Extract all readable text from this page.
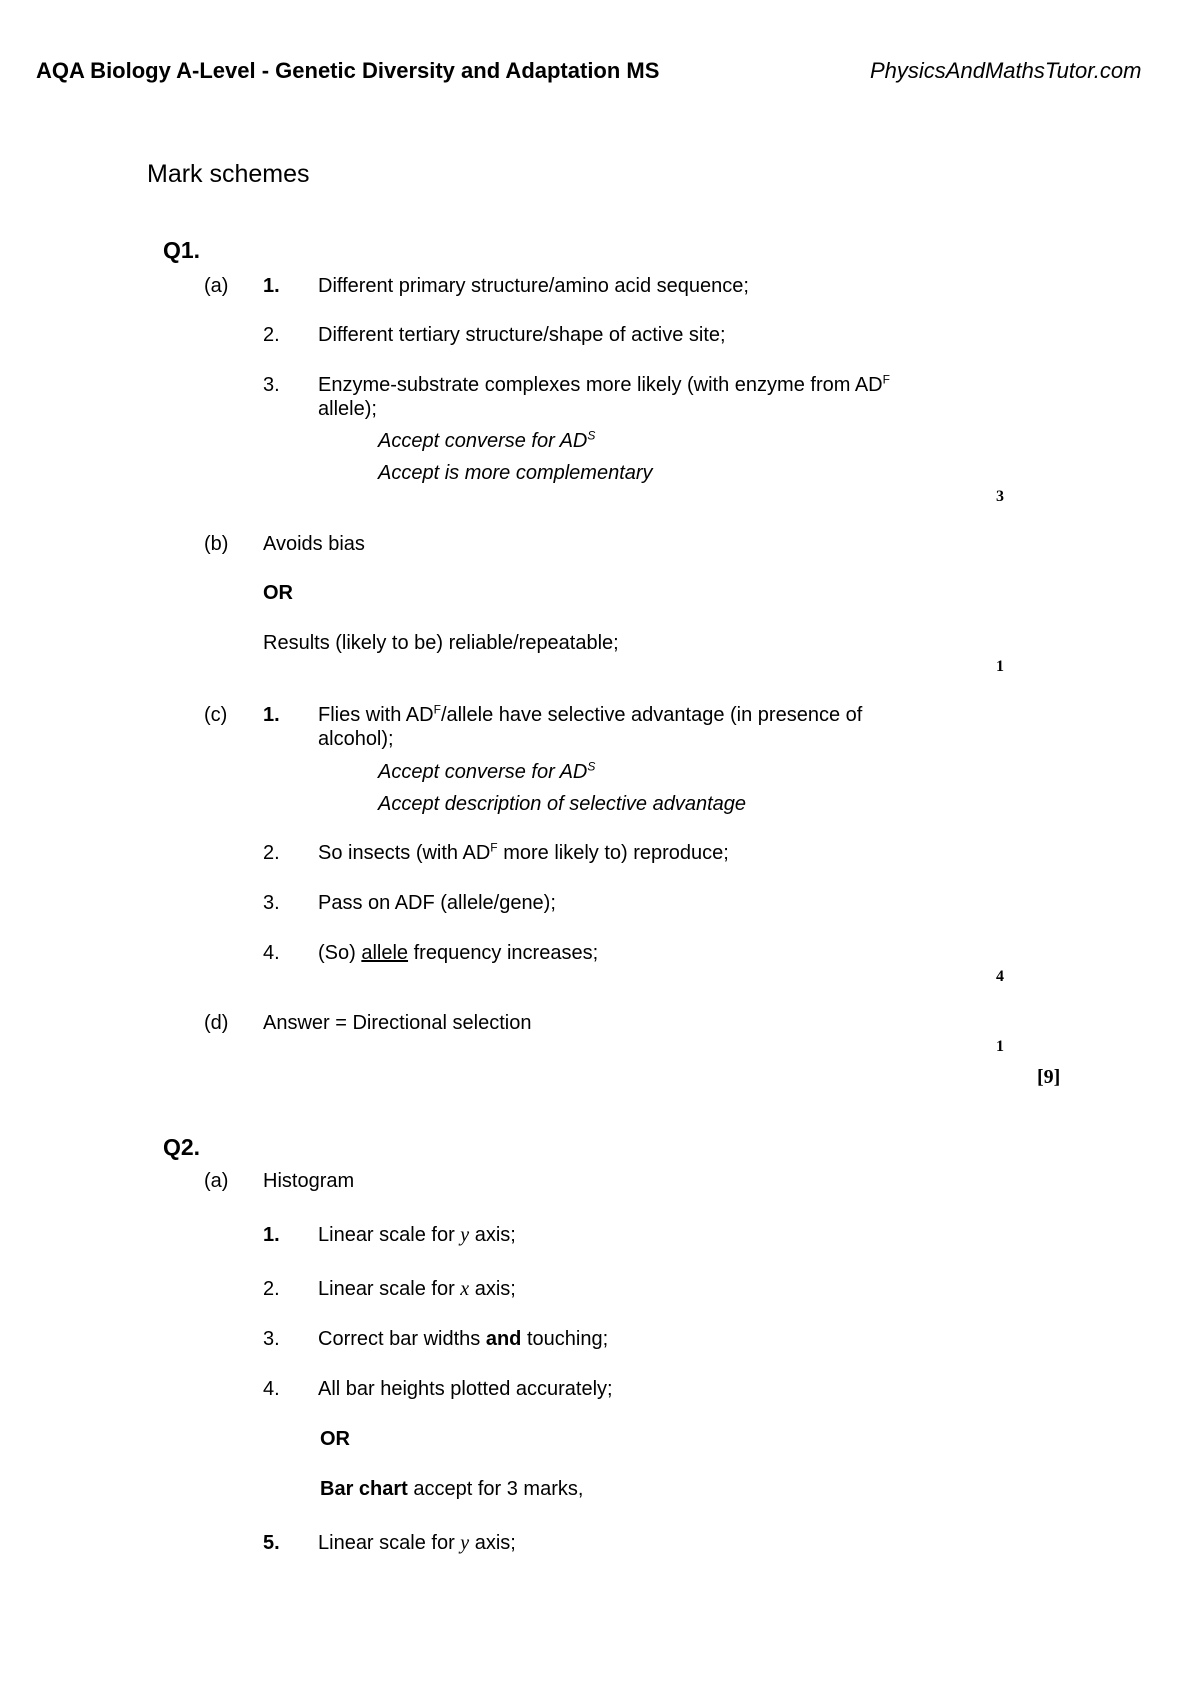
AQA Biology A-Level - Genetic Diversity and Adaptation MS	PhysicsAndMathsTutor.com
Mark schemes
Q1.
(a) 1. Different primary structure/amino acid sequence;
2. Different tertiary structure/shape of active site;
3. Enzyme-substrate complexes more likely (with enzyme from $AD^F$
allele);
Accept converse for $AD^S$
Accept is more complementary
3
(b) Avoids bias
OR
Results (likely to be) reliable/repeatable;
1
(c) 1. Flies with $AD^F$/allele have selective advantage (in presence of
alcohol);
Accept converse for $AD^S$
Accept description of selective advantage
2. So insects (with $AD^F$ more likely to) reproduce;
3. Pass on ADF (allele/gene);
4. (So) allele frequency increases;
4
(d) Answer = Directional selection
1
[9]
Q2.
(a) Histogram
1. Linear scale for y axis;
2. Linear scale for x axis;
3. Correct bar widths and touching;
4. All bar heights plotted accurately;
OR
Bar chart accept for 3 marks,
5. Linear scale for y axis;
